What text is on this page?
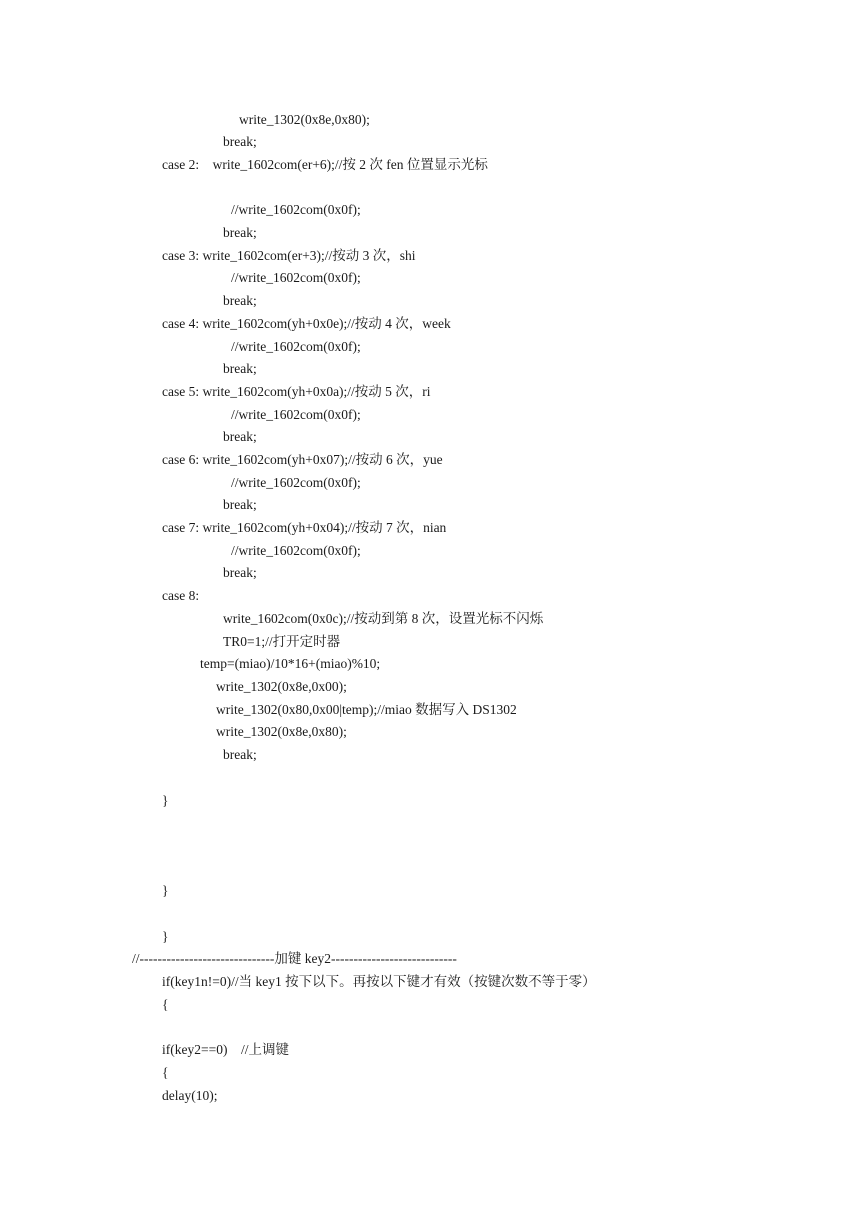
write_1302(0x8e,0x80);
break;
case 2:    write_1602com(er+6);//按 2 次 fen 位置显示光标
//write_1602com(0x0f);
break;
case 3: write_1602com(er+3);//按动 3 次，shi
//write_1602com(0x0f);
break;
case 4: write_1602com(yh+0x0e);//按动 4 次，week
//write_1602com(0x0f);
break;
case 5: write_1602com(yh+0x0a);//按动 5 次，ri
//write_1602com(0x0f);
break;
case 6: write_1602com(yh+0x07);//按动 6 次，yue
//write_1602com(0x0f);
break;
case 7: write_1602com(yh+0x04);//按动 7 次，nian
//write_1602com(0x0f);
break;
case 8:
write_1602com(0x0c);//按动到第 8 次，设置光标不闪烁
TR0=1;//打开定时器
temp=(miao)/10*16+(miao)%10;
write_1302(0x8e,0x00);
write_1302(0x80,0x00|temp);//miao 数据写入 DS1302
write_1302(0x8e,0x80);
break;
}
}
}
//------------------------------加键 key2----------------------------
if(key1n!=0)//当 key1 按下以下。再按以下键才有效（按键次数不等于零）
{
if(key2==0)    //上调键
{
delay(10);
